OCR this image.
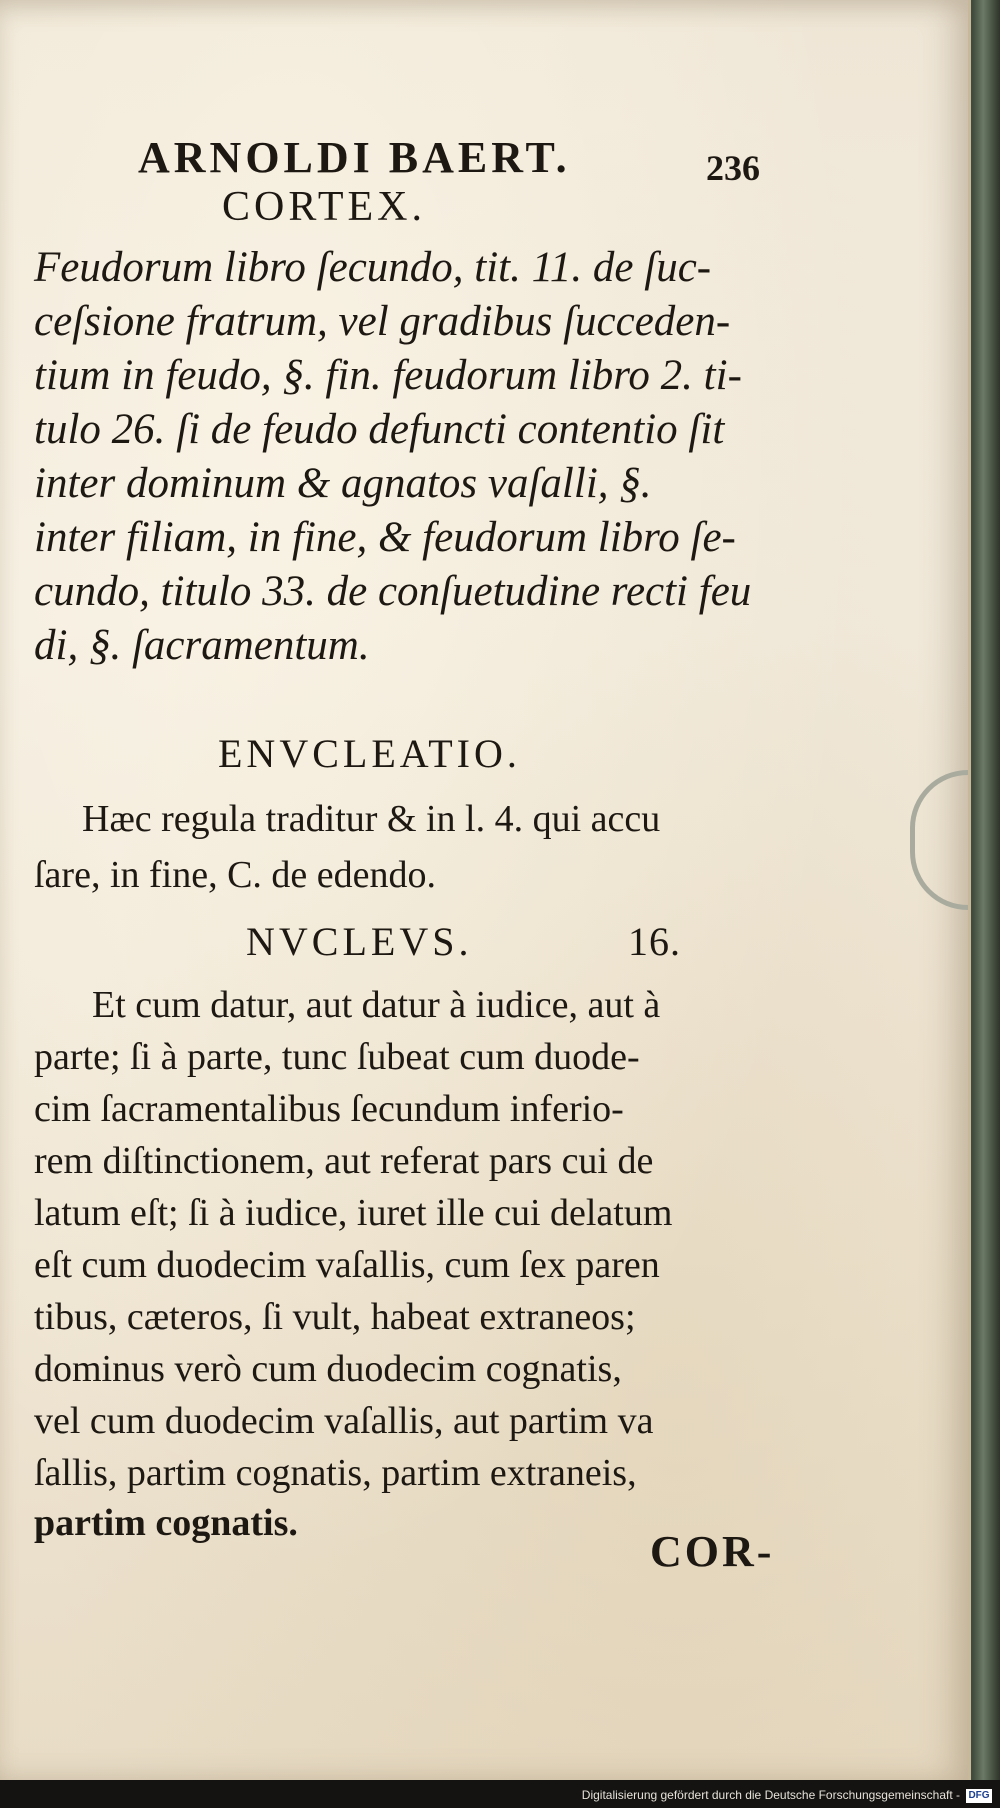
ARNOLDI BAERT.	236
CORTEX.
Feudorum libro ſecundo, tit. 11. de ſuc-
ceſsione fratrum, vel gradibus ſucceden-
tium in feudo, §. fin. feudorum libro 2. ti-
tulo 26. ſi de feudo defuncti contentio ſit
inter dominum & agnatos vaſalli, §.
inter filiam, in fine, & feudorum libro ſe-
cundo, titulo 33. de conſuetudine recti feu
di, §. ſacramentum.
ENVCLEATIO.
Hæc regula traditur & in l. 4. qui accu
ſare, in fine, C. de edendo.
NVCLEVS.	16.
Et cum datur, aut datur à iudice, aut à
parte; ſi à parte, tunc ſubeat cum duode-
cim ſacramentalibus ſecundum inferio-
rem diſtinctionem, aut referat pars cui de
latum eſt; ſi à iudice, iuret ille cui delatum
eſt cum duodecim vaſallis, cum ſex paren
tibus, cæteros, ſi vult, habeat extraneos;
dominus verò cum duodecim cognatis,
vel cum duodecim vaſallis, aut partim va
ſallis, partim cognatis, partim extraneis,
partim cognatis.
COR-
Digitalisierung gefördert durch die Deutsche Forschungsgemeinschaft - DFG
